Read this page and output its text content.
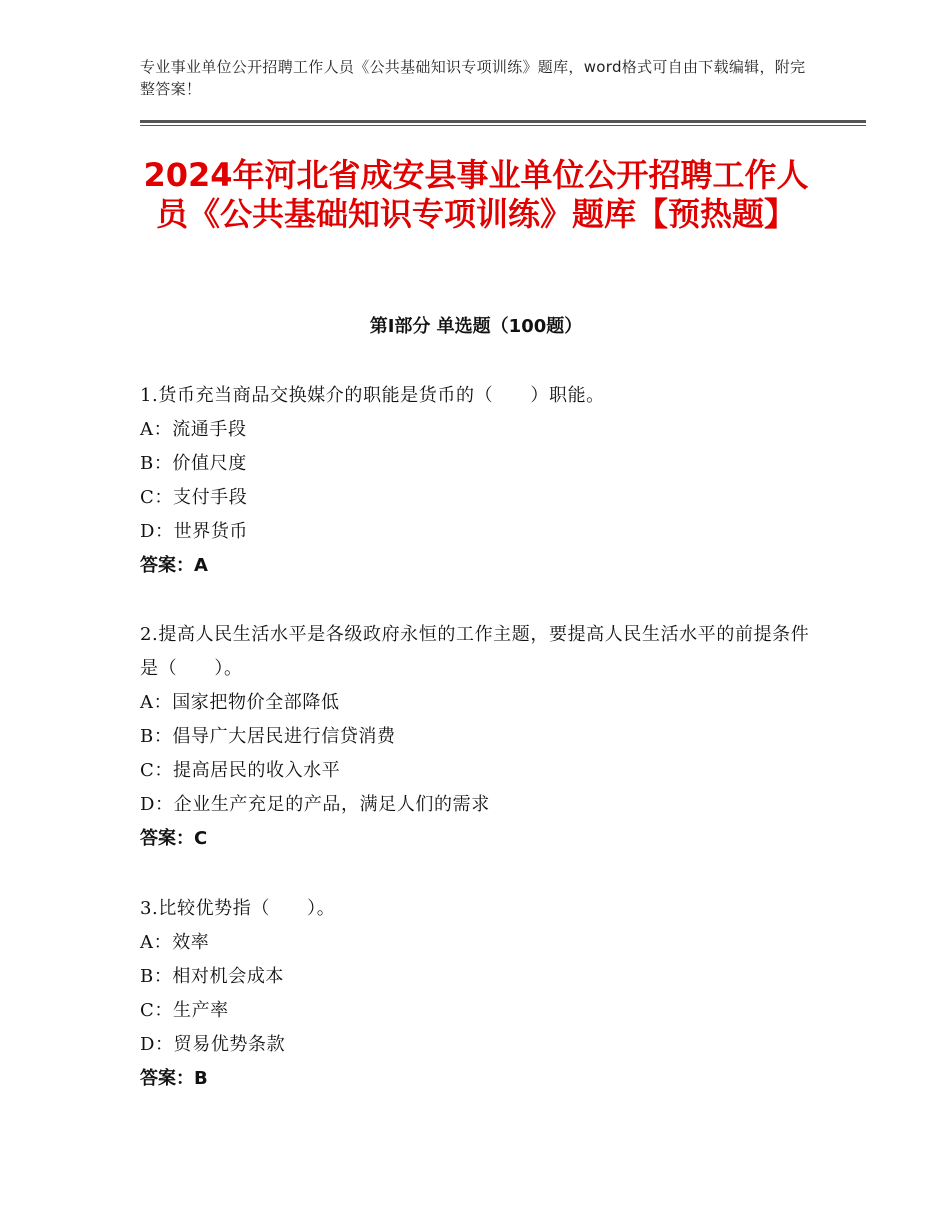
专业事业单位公开招聘工作人员《公共基础知识专项训练》题库，word格式可自由下载编辑，附完整答案！
2024年河北省成安县事业单位公开招聘工作人员《公共基础知识专项训练》题库【预热题】
第Ⅰ部分 单选题（100题）

1.货币充当商品交换媒介的职能是货币的（　　）职能。

A：流通手段

B：价值尺度

C：支付手段

D：世界货币

答案：A

2.提高人民生活水平是各级政府永恒的工作主题，要提高人民生活水平的前提条件是（　　）。

A：国家把物价全部降低

B：倡导广大居民进行信贷消费

C：提高居民的收入水平

D：企业生产充足的产品，满足人们的需求

答案：C

3.比较优势指（　　）。

A：效率

B：相对机会成本

C：生产率

D：贸易优势条款

答案：B
